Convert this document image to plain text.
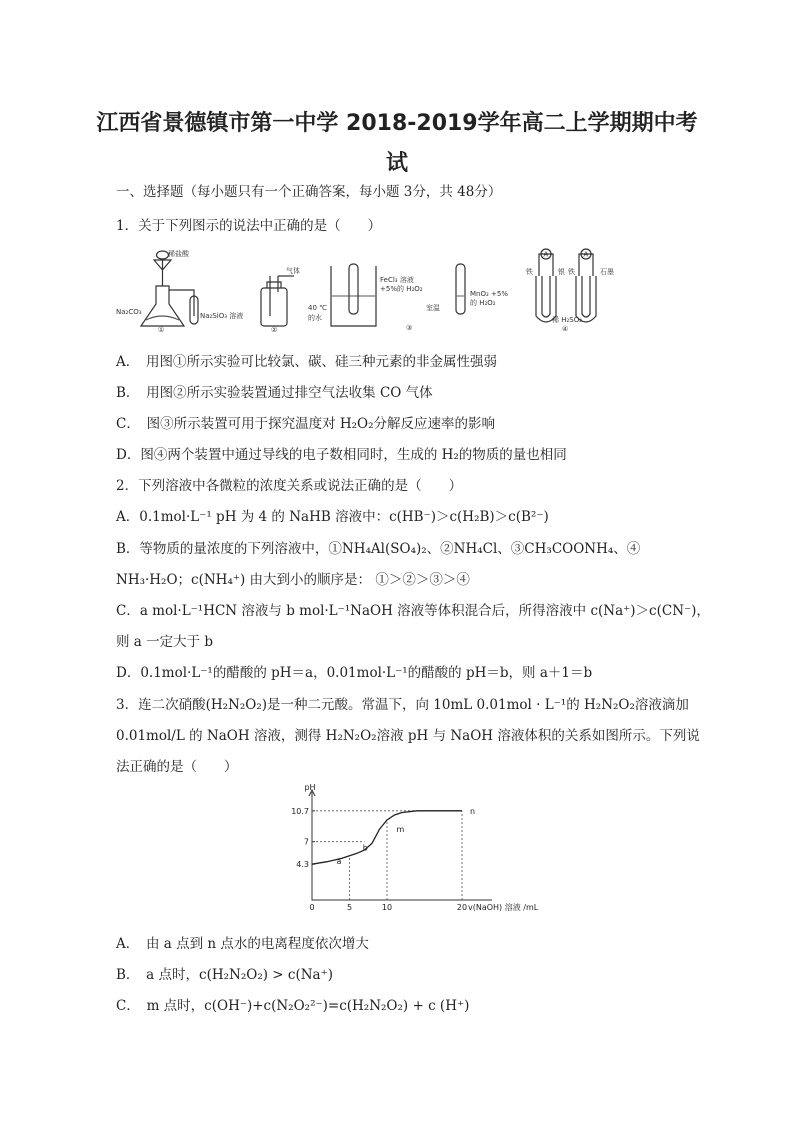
江西省景德镇市第一中学 2018-2019学年高二上学期期中考
试
一、选择题（每小题只有一个正确答案，每小题 3分，共 48分）
1．关于下列图示的说法中正确的是（　　）
稀盐酸
Na₂CO₃	Na₂SiO₃ 溶液
①
气体
②
40 ℃
的水
FeCl₃ 溶液
+5%的 H₂O₂
室温
MnO₂ +5%
的 H₂O₂
③
铁	银 铁	石墨
稀 H₂SO₄
④
A	A
A．　用图①所示实验可比较氯、碳、硅三种元素的非金属性强弱
B．　用图②所示实验装置通过排空气法收集 CO 气体
C．　图③所示装置可用于探究温度对 H₂O₂分解反应速率的影响
D．图④两个装置中通过导线的电子数相同时，生成的 H₂的物质的量也相同
2．下列溶液中各微粒的浓度关系或说法正确的是（　　）
A．0.1mol·L⁻¹ pH 为 4 的 NaHB 溶液中：c(HB⁻)＞c(H₂B)＞c(B²⁻)
B．等物质的量浓度的下列溶液中，①NH₄Al(SO₄)₂、②NH₄Cl、③CH₃COONH₄、④
NH₃·H₂O；c(NH₄⁺) 由大到小的顺序是： ①＞②＞③＞④
C．a mol·L⁻¹HCN 溶液与 b mol·L⁻¹NaOH 溶液等体积混合后，所得溶液中 c(Na⁺)＞c(CN⁻)，
则 a 一定大于 b
D．0.1mol·L⁻¹的醋酸的 pH＝a，0.01mol·L⁻¹的醋酸的 pH＝b，则 a＋1＝b
3．连二次硝酸(H₂N₂O₂)是一种二元酸。常温下，向 10mL 0.01mol · L⁻¹的 H₂N₂O₂溶液滴加
0.01mol/L 的 NaOH 溶液，测得 H₂N₂O₂溶液 pH 与 NaOH 溶液体积的关系如图所示。下列说
法正确的是（　　）
4.3
7
10.7
0	5	10	20
a
b
m
n
pH
v(NaOH) 溶液 /mL
A．　由 a 点到 n 点水的电离程度依次增大
B．　a 点时，c(H₂N₂O₂) > c(Na⁺)
C．　m 点时，c(OH⁻)+c(N₂O₂²⁻)=c(H₂N₂O₂) + c (H⁺)
